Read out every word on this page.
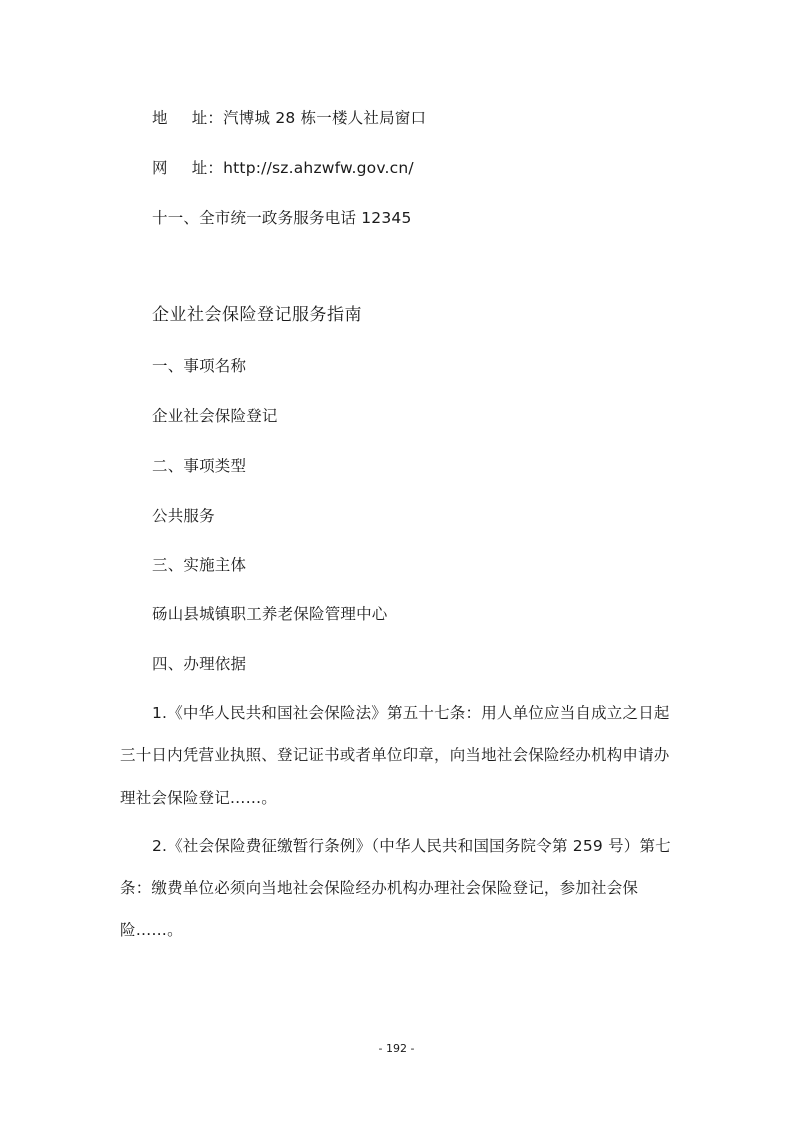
地 址：汽博城 28 栋一楼人社局窗口
网 址：http://sz.ahzwfw.gov.cn/
十一、全市统一政务服务电话 12345
企业社会保险登记服务指南
一、事项名称
企业社会保险登记
二、事项类型
公共服务
三、实施主体
砀山县城镇职工养老保险管理中心
四、办理依据
1.《中华人民共和国社会保险法》第五十七条：用人单位应当自成立之日起
三十日内凭营业执照、登记证书或者单位印章，向当地社会保险经办机构申请办
理社会保险登记……。
2.《社会保险费征缴暂行条例》（中华人民共和国国务院令第 259 号）第七
条：缴费单位必须向当地社会保险经办机构办理社会保险登记，参加社会保
险……。
- 192 -
